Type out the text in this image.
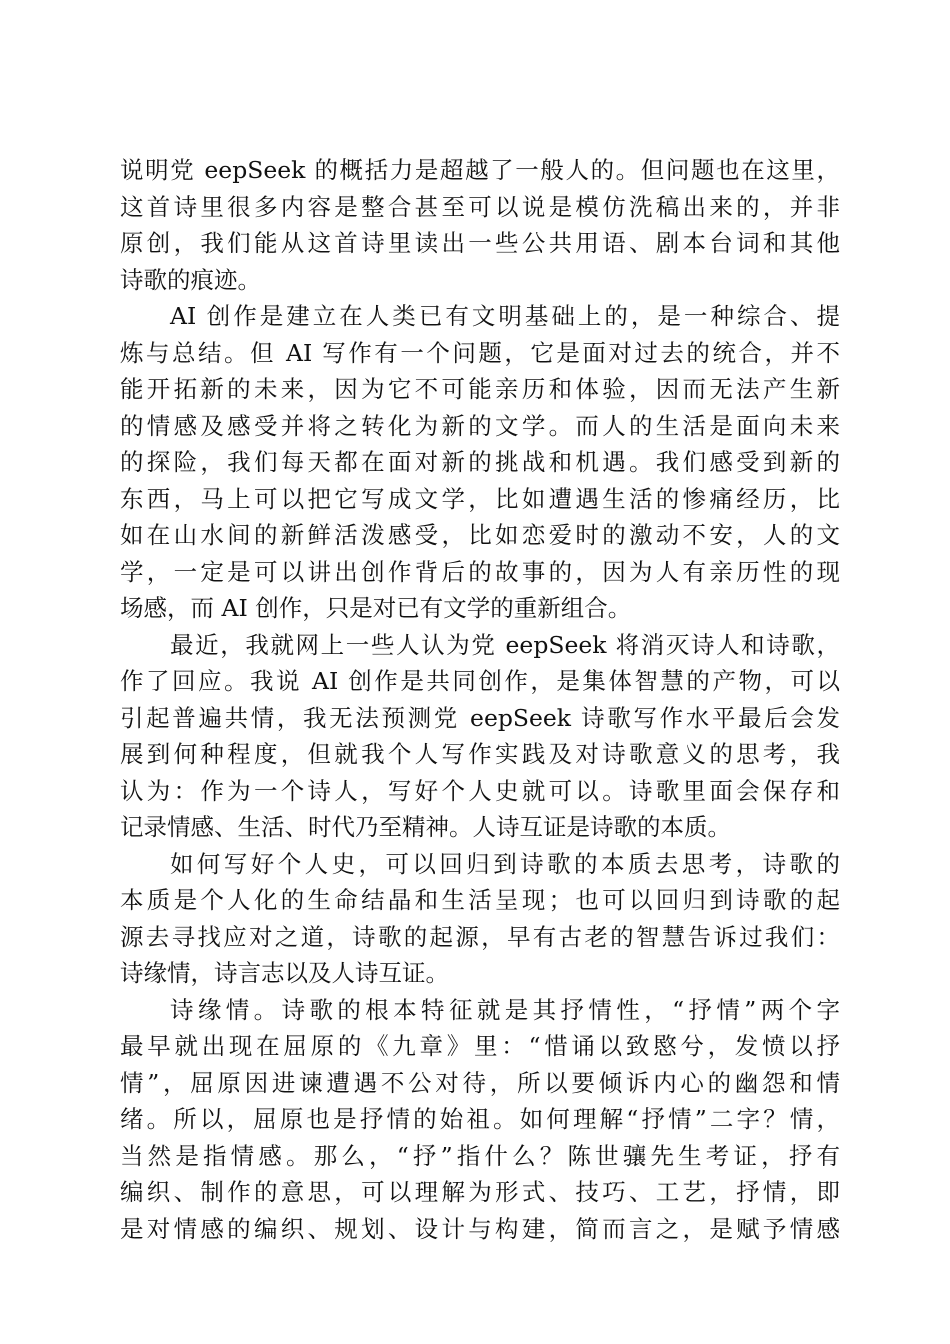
说明党 eepSeek 的概括力是超越了一般人的。但问题也在这里，
这首诗里很多内容是整合甚至可以说是模仿洗稿出来的，并非
原创，我们能从这首诗里读出一些公共用语、剧本台词和其他
诗歌的痕迹。
AI 创作是建立在人类已有文明基础上的，是一种综合、提
炼与总结。但 AI 写作有一个问题，它是面对过去的统合，并不
能开拓新的未来，因为它不可能亲历和体验，因而无法产生新
的情感及感受并将之转化为新的文学。而人的生活是面向未来
的探险，我们每天都在面对新的挑战和机遇。我们感受到新的
东西，马上可以把它写成文学，比如遭遇生活的惨痛经历，比
如在山水间的新鲜活泼感受，比如恋爱时的激动不安，人的文
学，一定是可以讲出创作背后的故事的，因为人有亲历性的现
场感，而 AI 创作，只是对已有文学的重新组合。
最近，我就网上一些人认为党 eepSeek 将消灭诗人和诗歌，
作了回应。我说 AI 创作是共同创作，是集体智慧的产物，可以
引起普遍共情，我无法预测党 eepSeek 诗歌写作水平最后会发
展到何种程度，但就我个人写作实践及对诗歌意义的思考，我
认为：作为一个诗人，写好个人史就可以。诗歌里面会保存和
记录情感、生活、时代乃至精神。人诗互证是诗歌的本质。
如何写好个人史，可以回归到诗歌的本质去思考，诗歌的
本质是个人化的生命结晶和生活呈现；也可以回归到诗歌的起
源去寻找应对之道，诗歌的起源，早有古老的智慧告诉过我们：
诗缘情，诗言志以及人诗互证。
诗缘情。诗歌的根本特征就是其抒情性，“抒情”两个字
最早就出现在屈原的《九章》里：“惜诵以致愍兮，发愤以抒
情”，屈原因进谏遭遇不公对待，所以要倾诉内心的幽怨和情
绪。所以，屈原也是抒情的始祖。如何理解“抒情”二字？情，
当然是指情感。那么，“抒”指什么？陈世骧先生考证，抒有
编织、制作的意思，可以理解为形式、技巧、工艺，抒情，即
是对情感的编织、规划、设计与构建，简而言之，是赋予情感
